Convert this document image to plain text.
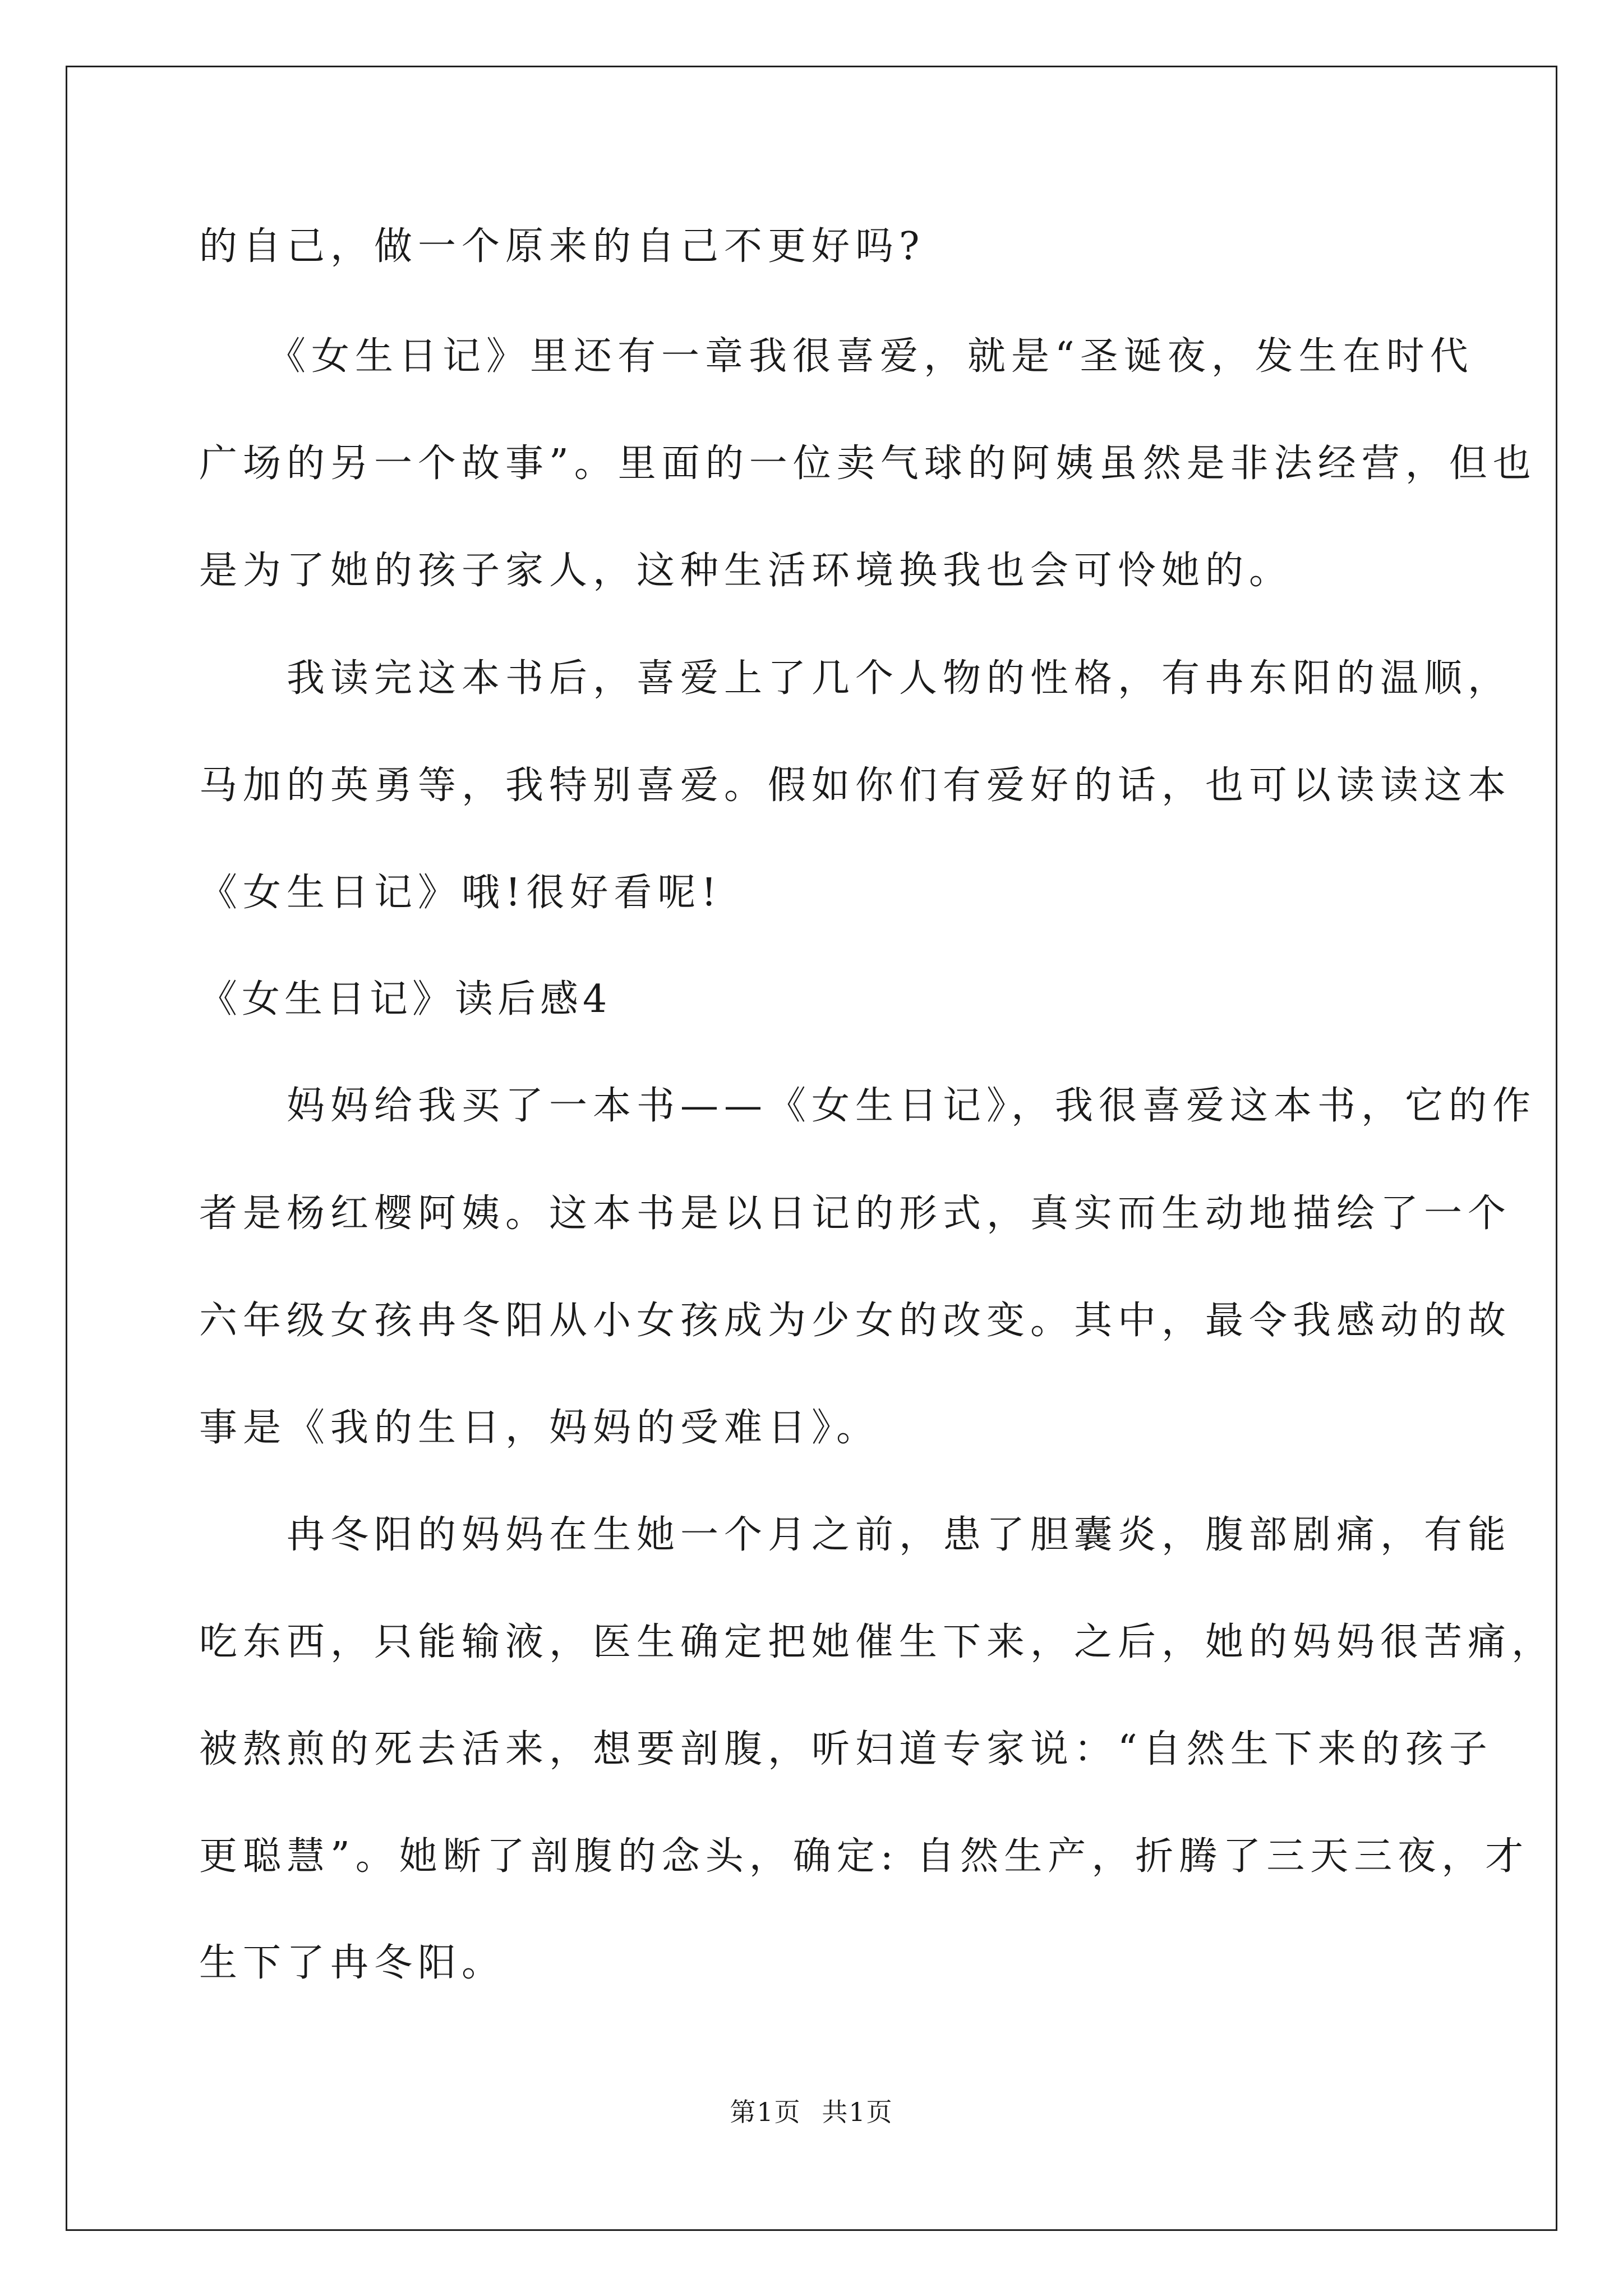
的自己，做一个原来的自己不更好吗?
　　《女生日记》里还有一章我很喜爱，就是“圣诞夜，发生在时代
广场的另一个故事”。里面的一位卖气球的阿姨虽然是非法经营，但也
是为了她的孩子家人，这种生活环境换我也会可怜她的。
　　我读完这本书后，喜爱上了几个人物的性格，有冉东阳的温顺，
马加的英勇等，我特别喜爱。假如你们有爱好的话，也可以读读这本
《女生日记》哦!很好看呢!
《女生日记》读后感4
　　妈妈给我买了一本书——《女生日记》，我很喜爱这本书，它的作
者是杨红樱阿姨。这本书是以日记的形式，真实而生动地描绘了一个
六年级女孩冉冬阳从小女孩成为少女的改变。其中，最令我感动的故
事是《我的生日，妈妈的受难日》。
　　冉冬阳的妈妈在生她一个月之前，患了胆囊炎，腹部剧痛，有能
吃东西，只能输液，医生确定把她催生下来，之后，她的妈妈很苦痛，
被熬煎的死去活来，想要剖腹，听妇道专家说：“自然生下来的孩子
更聪慧”。她断了剖腹的念头，确定: 自然生产，折腾了三天三夜，才
生下了冉冬阳。
第1页 共1页
